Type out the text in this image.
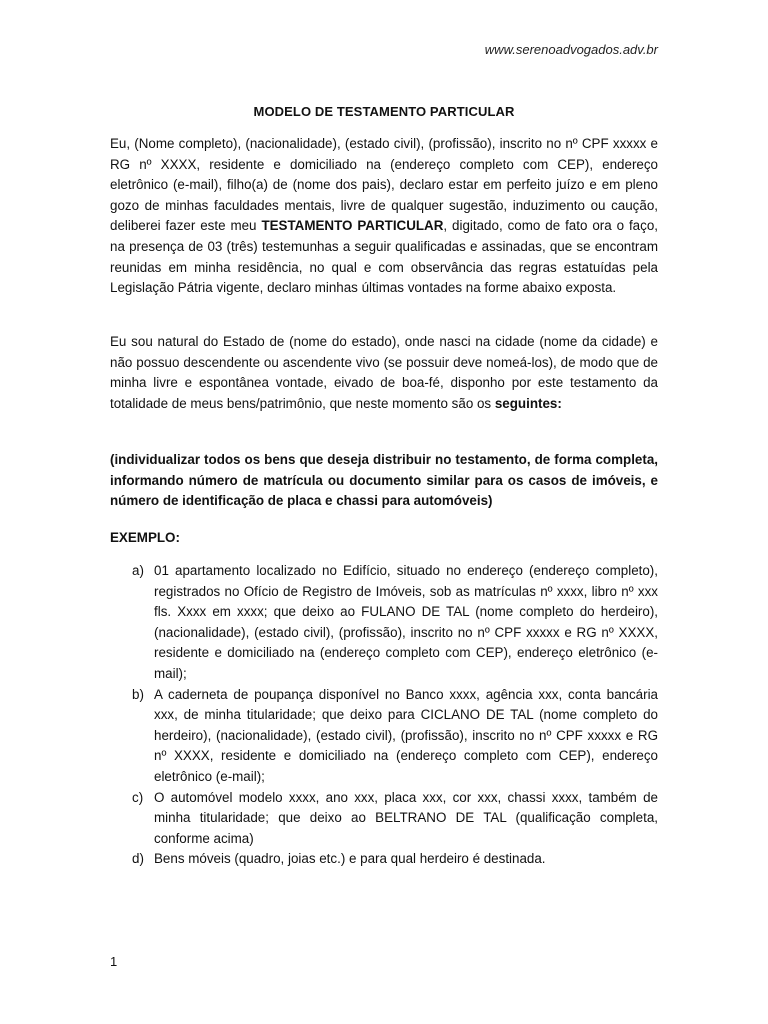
www.serenoadvogados.adv.br
MODELO DE TESTAMENTO PARTICULAR

Eu, (Nome completo), (nacionalidade), (estado civil), (profissão), inscrito no nº CPF xxxxx e RG nº XXXX, residente e domiciliado na (endereço completo com CEP), endereço eletrônico (e-mail), filho(a) de (nome dos pais), declaro estar em perfeito juízo e em pleno gozo de minhas faculdades mentais, livre de qualquer sugestão, induzimento ou caução, deliberei fazer este meu TESTAMENTO PARTICULAR, digitado, como de fato ora o faço, na presença de 03 (três) testemunhas a seguir qualificadas e assinadas, que se encontram reunidas em minha residência, no qual e com observância das regras estatuídas pela Legislação Pátria vigente, declaro minhas últimas vontades na forme abaixo exposta.

Eu sou natural do Estado de (nome do estado), onde nasci na cidade (nome da cidade) e não possuo descendente ou ascendente vivo (se possuir deve nomeá-los), de modo que de minha livre e espontânea vontade, eivado de boa-fé, disponho por este testamento da totalidade de meus bens/patrimônio, que neste momento são os seguintes:

(individualizar todos os bens que deseja distribuir no testamento, de forma completa, informando número de matrícula ou documento similar para os casos de imóveis, e número de identificação de placa e chassi para automóveis)

EXEMPLO:

a) 01 apartamento localizado no Edifício, situado no endereço (endereço completo), registrados no Ofício de Registro de Imóveis, sob as matrículas nº xxxx, libro nº xxx fls. Xxxx em xxxx; que deixo ao FULANO DE TAL (nome completo do herdeiro), (nacionalidade), (estado civil), (profissão), inscrito no nº CPF xxxxx e RG nº XXXX, residente e domiciliado na (endereço completo com CEP), endereço eletrônico (e-mail);
b) A caderneta de poupança disponível no Banco xxxx, agência xxx, conta bancária xxx, de minha titularidade; que deixo para CICLANO DE TAL (nome completo do herdeiro), (nacionalidade), (estado civil), (profissão), inscrito no nº CPF xxxxx e RG nº XXXX, residente e domiciliado na (endereço completo com CEP), endereço eletrônico (e-mail);
c) O automóvel modelo xxxx, ano xxx, placa xxx, cor xxx, chassi xxxx, também de minha titularidade; que deixo ao BELTRANO DE TAL (qualificação completa, conforme acima)
d) Bens móveis (quadro, joias etc.) e para qual herdeiro é destinada.
1
